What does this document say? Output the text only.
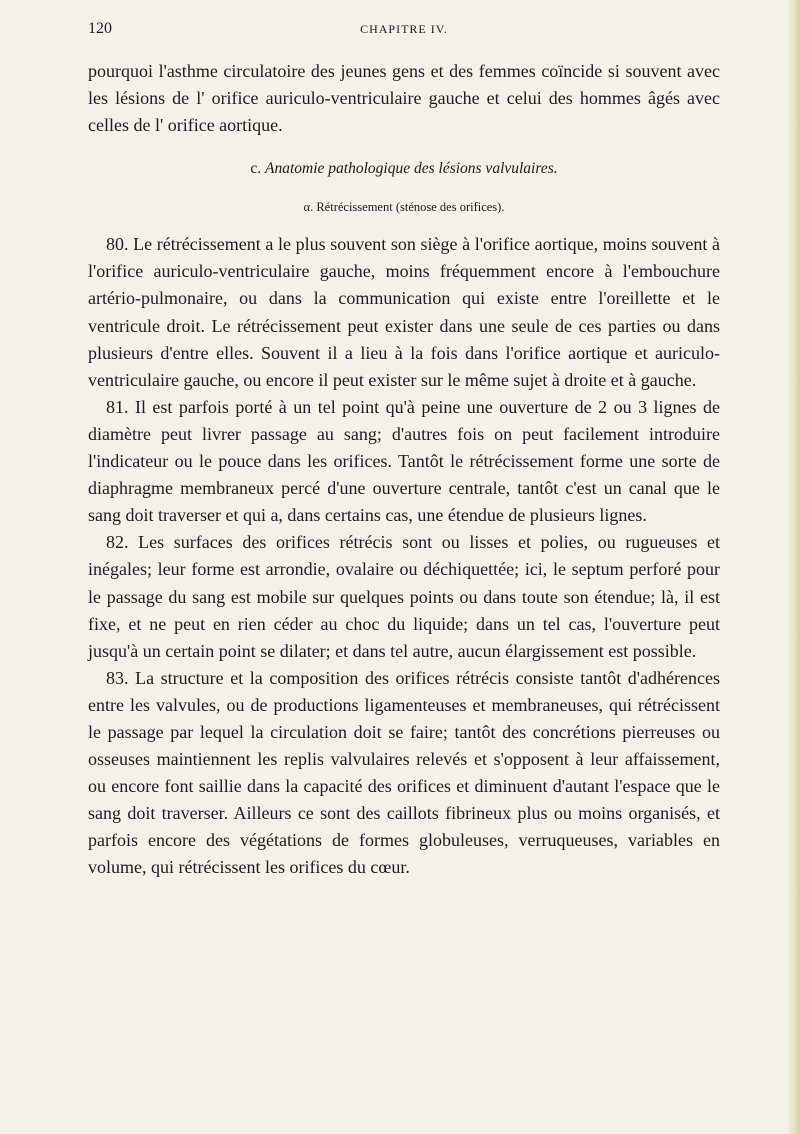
120	CHAPITRE IV.

pourquoi l'asthme circulatoire des jeunes gens et des femmes coïncide si souvent avec les lésions de l' orifice auriculo-ventriculaire gauche et celui des hommes âgés avec celles de l' orifice aortique.

c. Anatomie pathologique des lésions valvulaires.
α. Rétrécissement (sténose des orifices).

80. Le rétrécissement a le plus souvent son siège à l'orifice aortique, moins souvent à l'orifice auriculo-ventriculaire gauche, moins fréquemment encore à l'embouchure artério-pulmonaire, ou dans la communication qui existe entre l'oreillette et le ventricule droit. Le rétrécissement peut exister dans une seule de ces parties ou dans plusieurs d'entre elles. Souvent il a lieu à la fois dans l'orifice aortique et auriculo-ventriculaire gauche, ou encore il peut exister sur le même sujet à droite et à gauche.

81. Il est parfois porté à un tel point qu'à peine une ouverture de 2 ou 3 lignes de diamètre peut livrer passage au sang; d'autres fois on peut facilement introduire l'indicateur ou le pouce dans les orifices. Tantôt le rétrécissement forme une sorte de diaphragme membraneux percé d'une ouverture centrale, tantôt c'est un canal que le sang doit traverser et qui a, dans certains cas, une étendue de plusieurs lignes.

82. Les surfaces des orifices rétrécis sont ou lisses et polies, ou rugueuses et inégales; leur forme est arrondie, ovalaire ou déchiquettée; ici, le septum perforé pour le passage du sang est mobile sur quelques points ou dans toute son étendue; là, il est fixe, et ne peut en rien céder au choc du liquide; dans un tel cas, l'ouverture peut jusqu'à un certain point se dilater; et dans tel autre, aucun élargissement est possible.

83. La structure et la composition des orifices rétrécis consiste tantôt d'adhérences entre les valvules, ou de productions ligamenteuses et membraneuses, qui rétrécissent le passage par lequel la circulation doit se faire; tantôt des concrétions pierreuses ou osseuses maintiennent les replis valvulaires relevés et s'opposent à leur affaissement, ou encore font saillie dans la capacité des orifices et diminuent d'autant l'espace que le sang doit traverser. Ailleurs ce sont des caillots fibrineux plus ou moins organisés, et parfois encore des végétations de formes globuleuses, verruqueuses, variables en volume, qui rétrécissent les orifices du cœur.
